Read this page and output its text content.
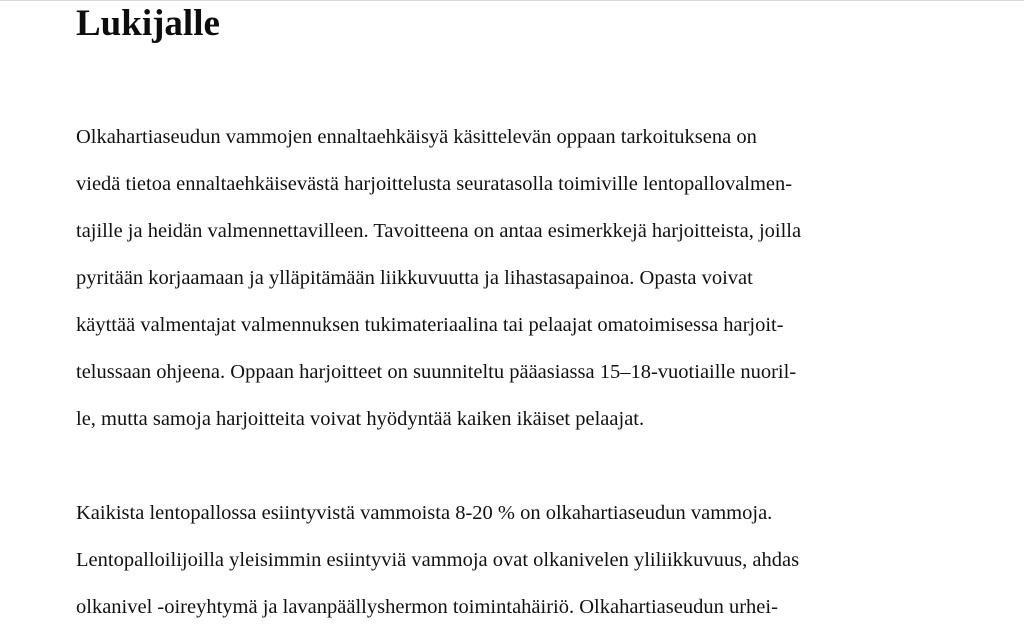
Lukijalle
Olkahartiaseudun vammojen ennaltaehkäisyä käsittelevän oppaan tarkoituksena on
viedä tietoa ennaltaehkäisevästä harjoittelusta seuratasolla toimiville lentopallovalmen-
tajille ja heidän valmennettavilleen. Tavoitteena on antaa esimerkkejä harjoitteista, joilla
pyritään korjaamaan ja ylläpitämään liikkuvuutta ja lihastasapainoa. Opasta voivat
käyttää valmentajat valmennuksen tukimateriaalina tai pelaajat omatoimisessa harjoit-
telussaan ohjeena. Oppaan harjoitteet on suunniteltu pääasiassa 15–18-vuotiaille nuoril-
le, mutta samoja harjoitteita voivat hyödyntää kaiken ikäiset pelaajat.
Kaikista lentopallossa esiintyvistä vammoista 8-20 % on olkahartiaseudun vammoja.
Lentopalloilijoilla yleisimmin esiintyviä vammoja ovat olkanivelen yliliikkuvuus, ahdas
olkanivel -oireyhtymä ja lavanpäällyshermon toimintahäiriö. Olkahartiaseudun urhei-
